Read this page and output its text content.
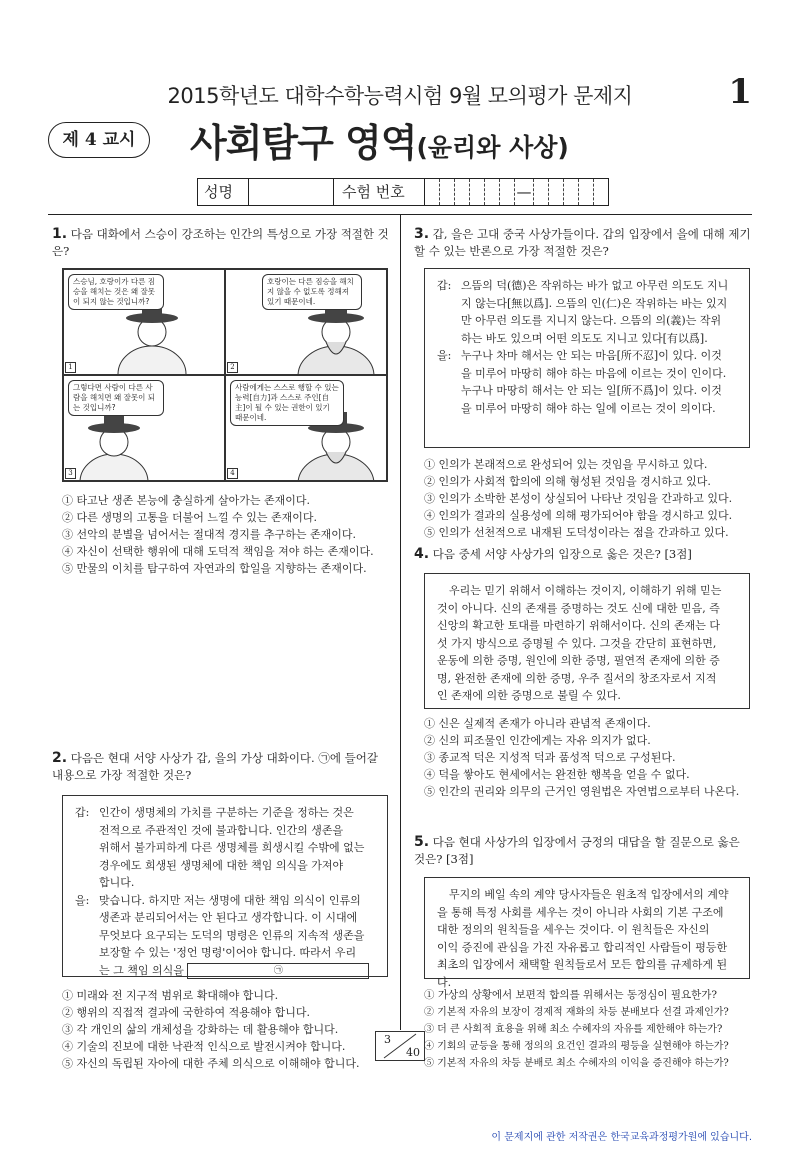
2015학년도 대학수학능력시험 9월 모의평가 문제지	1
제 4 교시	사회탐구 영역(윤리와 사상)
성명	수험 번호	—
1. 다음 대화에서 스승이 강조하는 인간의 특성으로 가장 적절한 것은?
스승님, 호랑이가 다른 짐승을 해치는 것은 왜 잘못이 되지 않는 것입니까?
1
호랑이는 다른 짐승을 해치지 않을 수 없도록 정해져 있기 때문이네.
2
그렇다면 사람이 다른 사람을 해치면 왜 잘못이 되는 것입니까?
3
사람에게는 스스로 행할 수 있는 능력[自力]과 스스로 주인[自主]이 될 수 있는 권한이 있기 때문이네.
4
① 타고난 생존 본능에 충실하게 살아가는 존재이다.
② 다른 생명의 고통을 더불어 느낄 수 있는 존재이다.
③ 선악의 분별을 넘어서는 절대적 경지를 추구하는 존재이다.
④ 자신이 선택한 행위에 대해 도덕적 책임을 져야 하는 존재이다.
⑤ 만물의 이치를 탐구하여 자연과의 합일을 지향하는 존재이다.
2. 다음은 현대 서양 사상가 갑, 을의 가상 대화이다. ㉠에 들어갈 내용으로 가장 적절한 것은?
갑: 인간이 생명체의 가치를 구분하는 기준을 정하는 것은
전적으로 주관적인 것에 불과합니다. 인간의 생존을
위해서 불가피하게 다른 생명체를 희생시킬 수밖에 없는
경우에도 희생된 생명체에 대한 책임 의식을 가져야
합니다.
을: 맞습니다. 하지만 저는 생명에 대한 책임 의식이 인류의
생존과 분리되어서는 안 된다고 생각합니다. 이 시대에
무엇보다 요구되는 도덕의 명령은 인류의 지속적 생존을
보장할 수 있는 '정언 명령'이어야 합니다. 따라서 우리
는 그 책임 의식을	㉠
① 미래와 전 지구적 범위로 확대해야 합니다.
② 행위의 직접적 결과에 국한하여 적용해야 합니다.
③ 각 개인의 삶의 개체성을 강화하는 데 활용해야 합니다.
④ 기술의 진보에 대한 낙관적 인식으로 발전시켜야 합니다.
⑤ 자신의 독립된 자아에 대한 주체 의식으로 이해해야 합니다.
3. 갑, 을은 고대 중국 사상가들이다. 갑의 입장에서 을에 대해 제기할 수 있는 반론으로 가장 적절한 것은?
갑: 으뜸의 덕(德)은 작위하는 바가 없고 아무런 의도도 지니
지 않는다[無以爲]. 으뜸의 인(仁)은 작위하는 바는 있지
만 아무런 의도를 지니지 않는다. 으뜸의 의(義)는 작위
하는 바도 있으며 어떤 의도도 지니고 있다[有以爲].
을: 누구나 차마 해서는 안 되는 마음[所不忍]이 있다. 이것
을 미루어 마땅히 해야 하는 마음에 이르는 것이 인이다.
누구나 마땅히 해서는 안 되는 일[所不爲]이 있다. 이것
을 미루어 마땅히 해야 하는 일에 이르는 것이 의이다.
① 인의가 본래적으로 완성되어 있는 것임을 무시하고 있다.
② 인의가 사회적 합의에 의해 형성된 것임을 경시하고 있다.
③ 인의가 소박한 본성이 상실되어 나타난 것임을 간과하고 있다.
④ 인의가 결과의 실용성에 의해 평가되어야 함을 경시하고 있다.
⑤ 인의가 선천적으로 내재된 도덕성이라는 점을 간과하고 있다.
4. 다음 중세 서양 사상가의 입장으로 옳은 것은? [3점]
우리는 믿기 위해서 이해하는 것이지, 이해하기 위해 믿는
것이 아니다. 신의 존재를 증명하는 것도 신에 대한 믿음, 즉
신앙의 확고한 토대를 마련하기 위해서이다. 신의 존재는 다
섯 가지 방식으로 증명될 수 있다. 그것을 간단히 표현하면,
운동에 의한 증명, 원인에 의한 증명, 필연적 존재에 의한 증
명, 완전한 존재에 의한 증명, 우주 질서의 창조자로서 지적
인 존재에 의한 증명으로 불릴 수 있다.
① 신은 실제적 존재가 아니라 관념적 존재이다.
② 신의 피조물인 인간에게는 자유 의지가 없다.
③ 종교적 덕은 지성적 덕과 품성적 덕으로 구성된다.
④ 덕을 쌓아도 현세에서는 완전한 행복을 얻을 수 없다.
⑤ 인간의 권리와 의무의 근거인 영원법은 자연법으로부터 나온다.
5. 다음 현대 사상가의 입장에서 긍정의 대답을 할 질문으로 옳은 것은? [3점]
무지의 베일 속의 계약 당사자들은 원초적 입장에서의 계약
을 통해 특정 사회를 세우는 것이 아니라 사회의 기본 구조에
대한 정의의 원칙들을 세우는 것이다. 이 원칙들은 자신의
이익 증진에 관심을 가진 자유롭고 합리적인 사람들이 평등한
최초의 입장에서 채택할 원칙들로서 모든 합의를 규제하게 된다.
① 가상의 상황에서 보편적 합의를 위해서는 동정심이 필요한가?
② 기본적 자유의 보장이 경제적 재화의 차등 분배보다 선결 과제인가?
③ 더 큰 사회적 효용을 위해 최소 수혜자의 자유를 제한해야 하는가?
④ 기회의 균등을 통해 정의의 요건인 결과의 평등을 실현해야 하는가?
⑤ 기본적 자유의 차등 분배로 최소 수혜자의 이익을 증진해야 하는가?
3
40
이 문제지에 관한 저작권은 한국교육과정평가원에 있습니다.
